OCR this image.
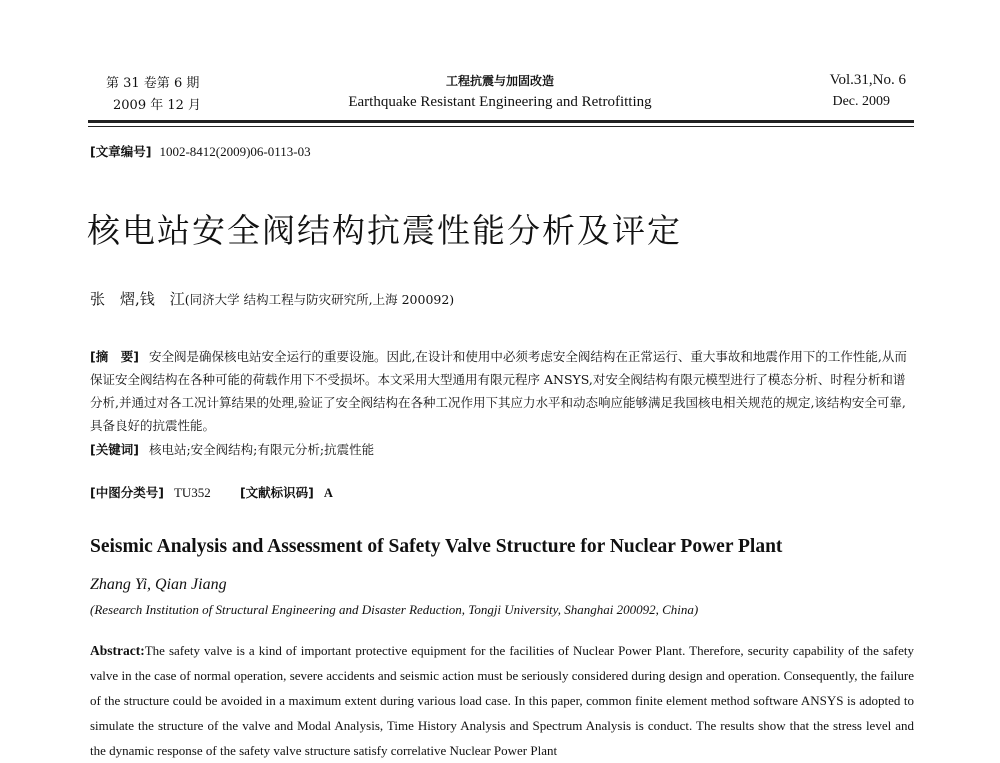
第 31 卷第 6 期
2009 年 12 月
工程抗震与加固改造
Earthquake Resistant Engineering and Retrofitting
Vol.31,No. 6
Dec. 2009
[文章编号] 1002-8412(2009)06-0113-03
核电站安全阀结构抗震性能分析及评定
张　熠,钱　江(同济大学 结构工程与防灾研究所,上海 200092)
[摘　要] 安全阀是确保核电站安全运行的重要设施。因此,在设计和使用中必须考虑安全阀结构在正常运行、重大事故和地震作用下的工作性能,从而保证安全阀结构在各种可能的荷载作用下不受损坏。本文采用大型通用有限元程序 ANSYS,对安全阀结构有限元模型进行了模态分析、时程分析和谱分析,并通过对各工况计算结果的处理,验证了安全阀结构在各种工况作用下其应力水平和动态响应能够满足我国核电相关规范的规定,该结构安全可靠,具备良好的抗震性能。
[关键词] 核电站;安全阀结构;有限元分析;抗震性能
[中图分类号] TU352 [文献标识码] A
Seismic Analysis and Assessment of Safety Valve Structure for Nuclear Power Plant
Zhang Yi, Qian Jiang
(Research Institution of Structural Engineering and Disaster Reduction, Tongji University, Shanghai 200092, China)
Abstract:The safety valve is a kind of important protective equipment for the facilities of Nuclear Power Plant. Therefore, security capability of the safety valve in the case of normal operation, severe accidents and seismic action must be seriously considered during design and operation. Consequently, the failure of the structure could be avoided in a maximum extent during various load case. In this paper, common finite element method software ANSYS is adopted to simulate the structure of the valve and Modal Analysis, Time History Analysis and Spectrum Analysis is conduct. The results show that the stress level and the dynamic response of the safety valve structure satisfy correlative Nuclear Power Plant
